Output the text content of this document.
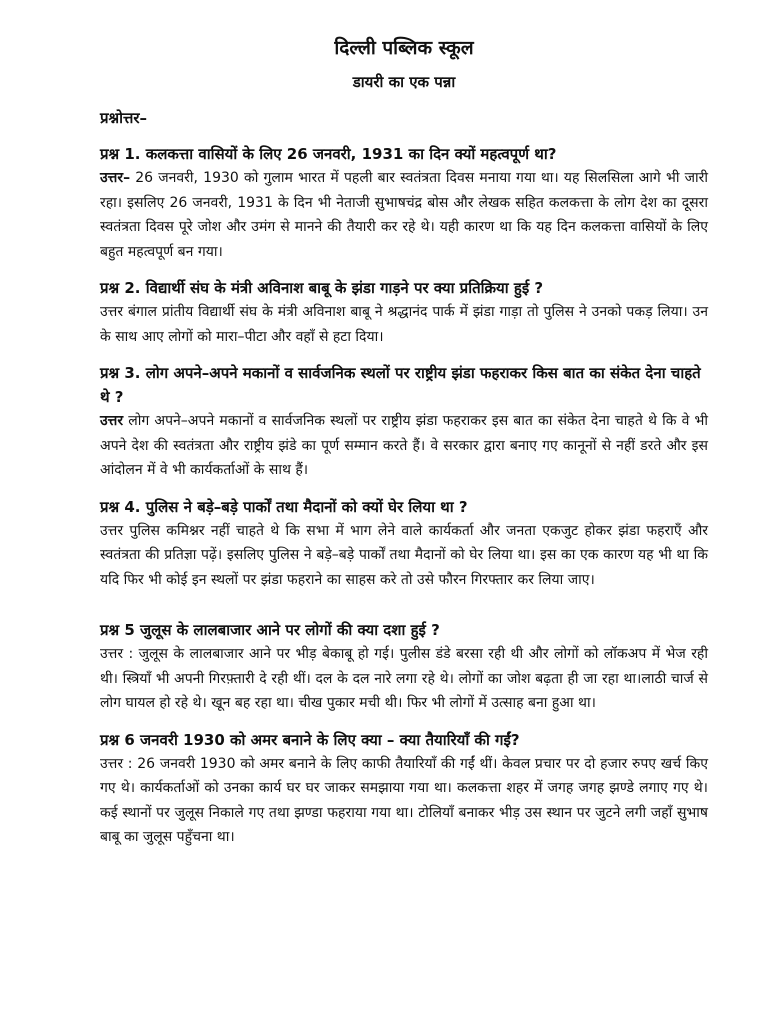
दिल्ली पब्लिक स्कूल
डायरी का एक पन्ना

प्रश्नोत्तर–

प्रश्न 1. कलकत्ता वासियों के लिए 26 जनवरी, 1931 का दिन क्यों महत्वपूर्ण था?

उत्तर– 26 जनवरी, 1930 को गुलाम भारत में पहली बार स्वतंत्रता दिवस मनाया गया था। यह सिलसिला आगे भी जारी रहा। इसलिए 26 जनवरी, 1931 के दिन भी नेताजी सुभाषचंद्र बोस और लेखक सहित कलकत्ता के लोग देश का दूसरा स्वतंत्रता दिवस पूरे जोश और उमंग से मानने की तैयारी कर रहे थे। यही कारण था कि यह दिन कलकत्ता वासियों के लिए बहुत महत्वपूर्ण बन गया।

प्रश्न 2. विद्यार्थी संघ के मंत्री अविनाश बाबू के झंडा गाड़ने पर क्या प्रतिक्रिया हुई ?

उत्तर बंगाल प्रांतीय विद्यार्थी संघ के मंत्री अविनाश बाबू ने श्रद्धानंद पार्क में झंडा गाड़ा तो पुलिस ने उनको पकड़ लिया। उन के साथ आए लोगों को मारा–पीटा और वहाँ से हटा दिया।

प्रश्न 3. लोग अपने–अपने मकानों व सार्वजनिक स्थलों पर राष्ट्रीय झंडा फहराकर किस बात का संकेत देना चाहते थे ?

उत्तर लोग अपने–अपने मकानों व सार्वजनिक स्थलों पर राष्ट्रीय झंडा फहराकर इस बात का संकेत देना चाहते थे कि वे भी अपने देश की स्वतंत्रता और राष्ट्रीय झंडे का पूर्ण सम्मान करते हैं। वे सरकार द्वारा बनाए गए कानूनों से नहीं डरते और इस आंदोलन में वे भी कार्यकर्ताओं के साथ हैं।

प्रश्न 4. पुलिस ने बड़े–बड़े पार्कों तथा मैदानों को क्यों घेर लिया था ?

उत्तर पुलिस कमिश्नर नहीं चाहते थे कि सभा में भाग लेने वाले कार्यकर्ता और जनता एकजुट होकर झंडा फहराएँ और स्वतंत्रता की प्रतिज्ञा पढ़ें। इसलिए पुलिस ने बड़े–बड़े पार्कों तथा मैदानों को घेर लिया था। इस का एक कारण यह भी था कि यदि फिर भी कोई इन स्थलों पर झंडा फहराने का साहस करे तो उसे फौरन गिरफ्तार कर लिया जाए।

प्रश्न 5 जुलूस के लालबाजार आने पर लोगों की क्या दशा हुई ?

उत्तर : जुलूस के लालबाजार आने पर भीड़ बेकाबू हो गई। पुलीस डंडे बरसा रही थी और लोगों को लॉकअप में भेज रही थी। स्त्रियाँ भी अपनी गिरफ़्तारी दे रही थीं। दल के दल नारे लगा रहे थे। लोगों का जोश बढ़ता ही जा रहा था।लाठी चार्ज से लोग घायल हो रहे थे। खून बह रहा था। चीख पुकार मची थी। फिर भी लोगों में उत्साह बना हुआ था।

प्रश्न 6 जनवरी 1930 को अमर बनाने के लिए क्या – क्या तैयारियाँ की गईं?

उत्तर : 26 जनवरी 1930 को अमर बनाने के लिए काफी तैयारियाँ की गईं थीं। केवल प्रचार पर दो हजार रुपए खर्च किए गए थे। कार्यकर्ताओं को उनका कार्य घर घर जाकर समझाया गया था। कलकत्ता शहर में जगह जगह झण्डे लगाए गए थे। कई स्थानों पर जुलूस निकाले गए तथा झण्डा फहराया गया था। टोलियाँ बनाकर भीड़ उस स्थान पर जुटने लगी जहाँ सुभाष बाबू का जुलूस पहुँचना था।
